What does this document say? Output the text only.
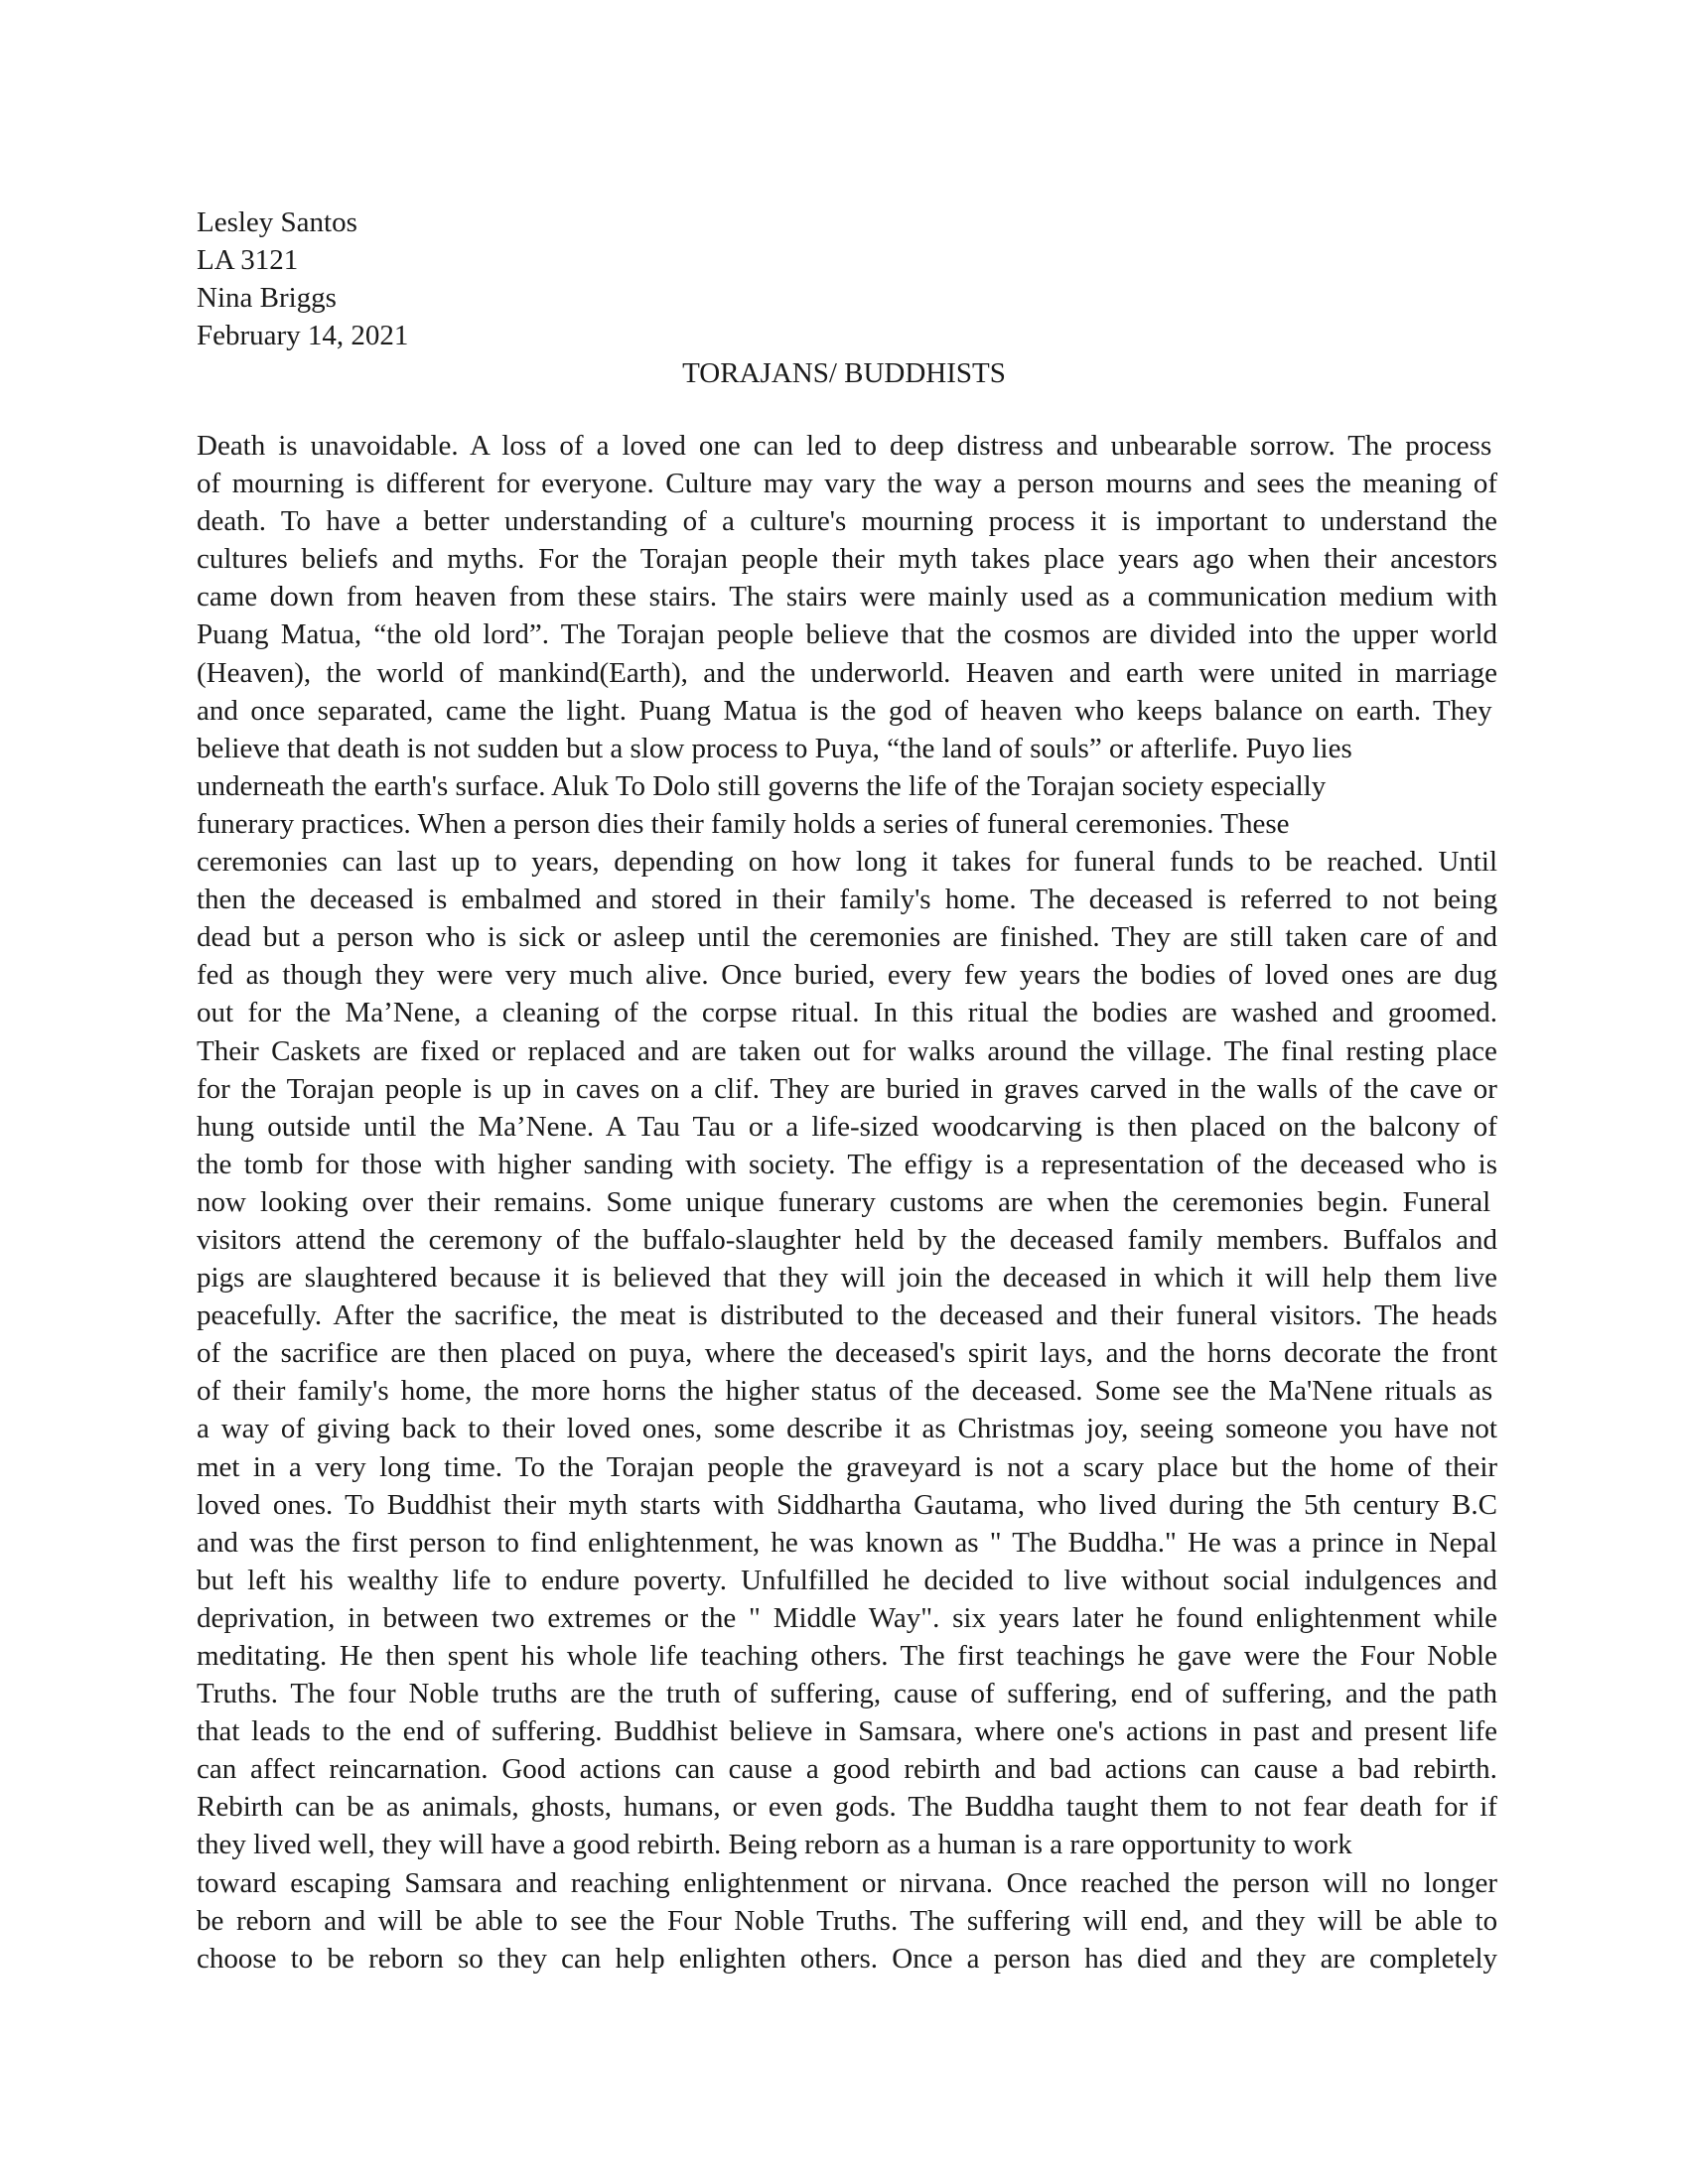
Lesley Santos
LA 3121
Nina Briggs
February 14, 2021
TORAJANS/ BUDDHISTS
Death is unavoidable. A loss of a loved one can led to deep distress and unbearable sorrow. The process
of mourning is different for everyone. Culture may vary the way a person mourns and sees the meaning of
death. To have a better understanding of a culture's mourning process it is important to understand the
cultures beliefs and myths. For the Torajan people their myth takes place years ago when their ancestors
came down from heaven from these stairs. The stairs were mainly used as a communication medium with
Puang Matua, “the old lord”. The Torajan people believe that the cosmos are divided into the upper world
(Heaven), the world of mankind(Earth), and the underworld. Heaven and earth were united in marriage
and once separated, came the light. Puang Matua is the god of heaven who keeps balance on earth. They
believe that death is not sudden but a slow process to Puya, “the land of souls” or afterlife. Puyo lies
underneath the earth's surface. Aluk To Dolo still governs the life of the Torajan society especially
funerary practices. When a person dies their family holds a series of funeral ceremonies. These
ceremonies can last up to years, depending on how long it takes for funeral funds to be reached. Until
then the deceased is embalmed and stored in their family's home. The deceased is referred to not being
dead but a person who is sick or asleep until the ceremonies are finished. They are still taken care of and
fed as though they were very much alive. Once buried, every few years the bodies of loved ones are dug
out for the Ma’Nene, a cleaning of the corpse ritual. In this ritual the bodies are washed and groomed.
Their Caskets are fixed or replaced and are taken out for walks around the village. The final resting place
for the Torajan people is up in caves on a clif. They are buried in graves carved in the walls of the cave or
hung outside until the Ma’Nene. A Tau Tau or a life-sized woodcarving is then placed on the balcony of
the tomb for those with higher sanding with society. The effigy is a representation of the deceased who is
now looking over their remains. Some unique funerary customs are when the ceremonies begin. Funeral
visitors attend the ceremony of the buffalo-slaughter held by the deceased family members. Buffalos and
pigs are slaughtered because it is believed that they will join the deceased in which it will help them live
peacefully. After the sacrifice, the meat is distributed to the deceased and their funeral visitors. The heads
of the sacrifice are then placed on puya, where the deceased's spirit lays, and the horns decorate the front
of their family's home, the more horns the higher status of the deceased. Some see the Ma'Nene rituals as
a way of giving back to their loved ones, some describe it as Christmas joy, seeing someone you have not
met in a very long time. To the Torajan people the graveyard is not a scary place but the home of their
loved ones. To Buddhist their myth starts with Siddhartha Gautama, who lived during the 5th century B.C
and was the first person to find enlightenment, he was known as " The Buddha." He was a prince in Nepal
but left his wealthy life to endure poverty. Unfulfilled he decided to live without social indulgences and
deprivation, in between two extremes or the " Middle Way". six years later he found enlightenment while
meditating. He then spent his whole life teaching others. The first teachings he gave were the Four Noble
Truths. The four Noble truths are the truth of suffering, cause of suffering, end of suffering, and the path
that leads to the end of suffering. Buddhist believe in Samsara, where one's actions in past and present life
can affect reincarnation. Good actions can cause a good rebirth and bad actions can cause a bad rebirth.
Rebirth can be as animals, ghosts, humans, or even gods. The Buddha taught them to not fear death for if
they lived well, they will have a good rebirth. Being reborn as a human is a rare opportunity to work
toward escaping Samsara and reaching enlightenment or nirvana. Once reached the person will no longer
be reborn and will be able to see the Four Noble Truths. The suffering will end, and they will be able to
choose to be reborn so they can help enlighten others. Once a person has died and they are completely
